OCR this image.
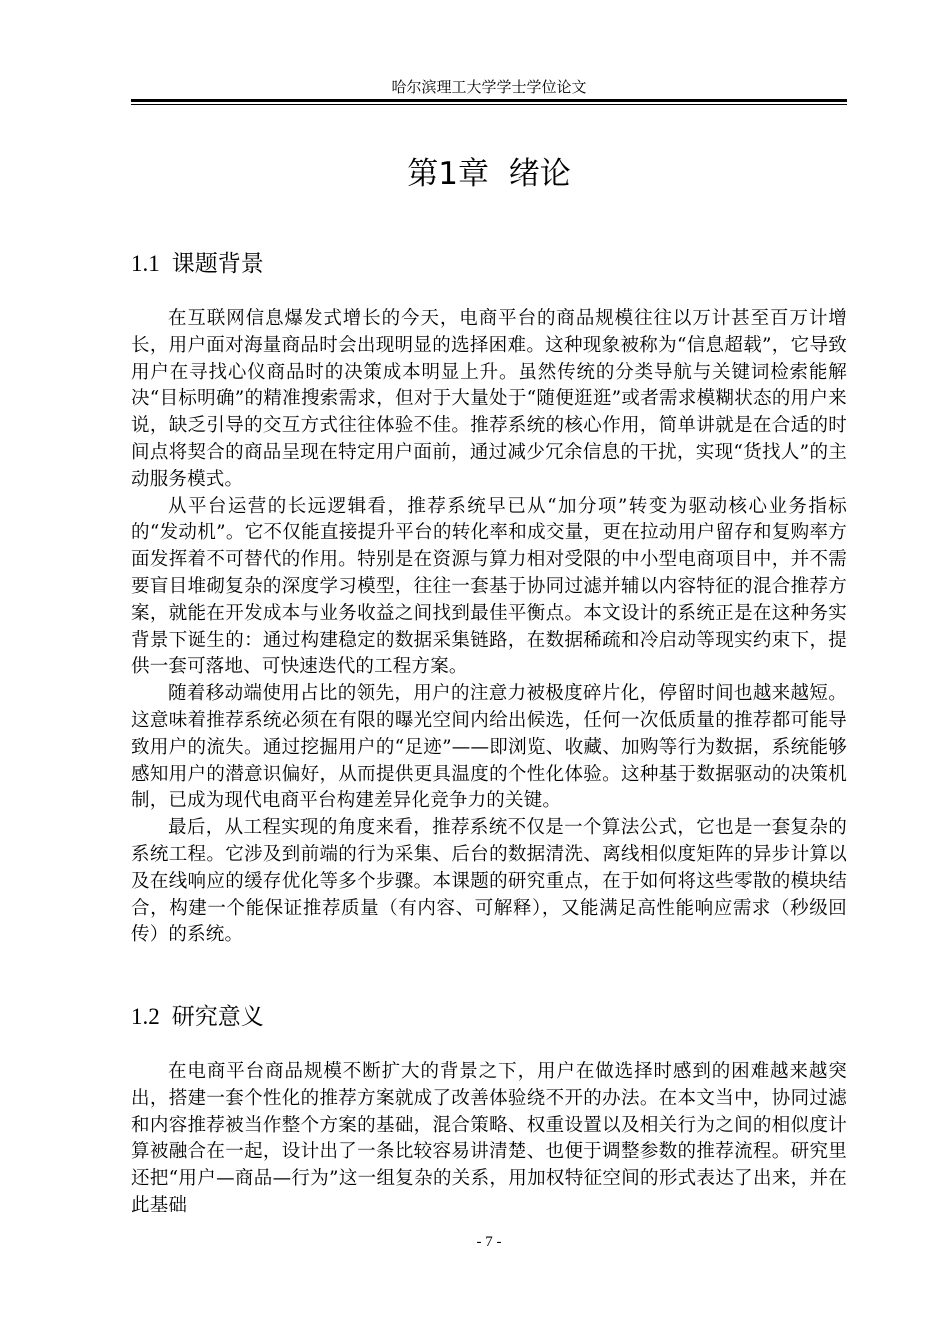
哈尔滨理工大学学士学位论文
第1章  绪论
1.1 课题背景

在互联网信息爆发式增长的今天，电商平台的商品规模往往以万计甚至百万计增长，用户面对海量商品时会出现明显的选择困难。这种现象被称为“信息超载”，它导致用户在寻找心仪商品时的决策成本明显上升。虽然传统的分类导航与关键词检索能解决“目标明确”的精准搜索需求，但对于大量处于“随便逛逛”或者需求模糊状态的用户来说，缺乏引导的交互方式往往体验不佳。推荐系统的核心作用，简单讲就是在合适的时间点将契合的商品呈现在特定用户面前，通过减少冗余信息的干扰，实现“货找人”的主动服务模式。

从平台运营的长远逻辑看，推荐系统早已从“加分项”转变为驱动核心业务指标的“发动机”。它不仅能直接提升平台的转化率和成交量，更在拉动用户留存和复购率方面发挥着不可替代的作用。特别是在资源与算力相对受限的中小型电商项目中，并不需要盲目堆砌复杂的深度学习模型，往往一套基于协同过滤并辅以内容特征的混合推荐方案，就能在开发成本与业务收益之间找到最佳平衡点。本文设计的系统正是在这种务实背景下诞生的：通过构建稳定的数据采集链路，在数据稀疏和冷启动等现实约束下，提供一套可落地、可快速迭代的工程方案。

随着移动端使用占比的领先，用户的注意力被极度碎片化，停留时间也越来越短。这意味着推荐系统必须在有限的曝光空间内给出候选，任何一次低质量的推荐都可能导致用户的流失。通过挖掘用户的“足迹”——即浏览、收藏、加购等行为数据，系统能够感知用户的潜意识偏好，从而提供更具温度的个性化体验。这种基于数据驱动的决策机制，已成为现代电商平台构建差异化竞争力的关键。

最后，从工程实现的角度来看，推荐系统不仅是一个算法公式，它也是一套复杂的系统工程。它涉及到前端的行为采集、后台的数据清洗、离线相似度矩阵的异步计算以及在线响应的缓存优化等多个步骤。本课题的研究重点，在于如何将这些零散的模块结合，构建一个能保证推荐质量（有内容、可解释），又能满足高性能响应需求（秒级回传）的系统。

1.2 研究意义

在电商平台商品规模不断扩大的背景之下，用户在做选择时感到的困难越来越突出，搭建一套个性化的推荐方案就成了改善体验绕不开的办法。在本文当中，协同过滤和内容推荐被当作整个方案的基础，混合策略、权重设置以及相关行为之间的相似度计算被融合在一起，设计出了一条比较容易讲清楚、也便于调整参数的推荐流程。研究里还把“用户—商品—行为”这一组复杂的关系，用加权特征空间的形式表达了出来，并在此基础

- 7 -
